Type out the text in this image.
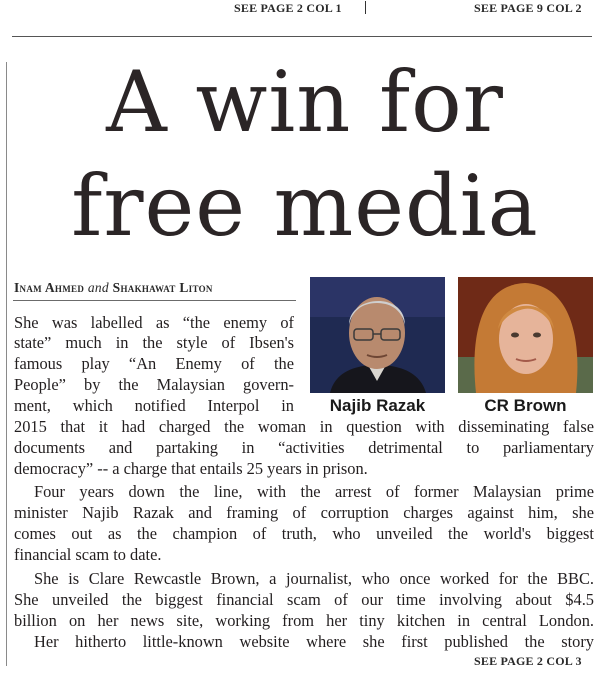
SEE PAGE 2 COL 1	SEE PAGE 9 COL 2
A win for
free media
Inam Ahmed and Shakhawat Liton
Najib Razak	CR Brown
She was labelled as “the enemy of
state” much in the style of Ibsen's
famous play “An Enemy of the
People” by the Malaysian govern-
ment, which notified Interpol in
2015 that it had charged the woman in question with disseminating false
documents and partaking in “activities detrimental to parliamentary
democracy” -- a charge that entails 25 years in prison.
Four years down the line, with the arrest of former Malaysian prime
minister Najib Razak and framing of corruption charges against him, she
comes out as the champion of truth, who unveiled the world's biggest
financial scam to date.
She is Clare Rewcastle Brown, a journalist, who once worked for the BBC.
She unveiled the biggest financial scam of our time involving about $4.5
billion on her news site, working from her tiny kitchen in central London.
Her hitherto little-known website where she first published the story
SEE PAGE 2 COL 3
